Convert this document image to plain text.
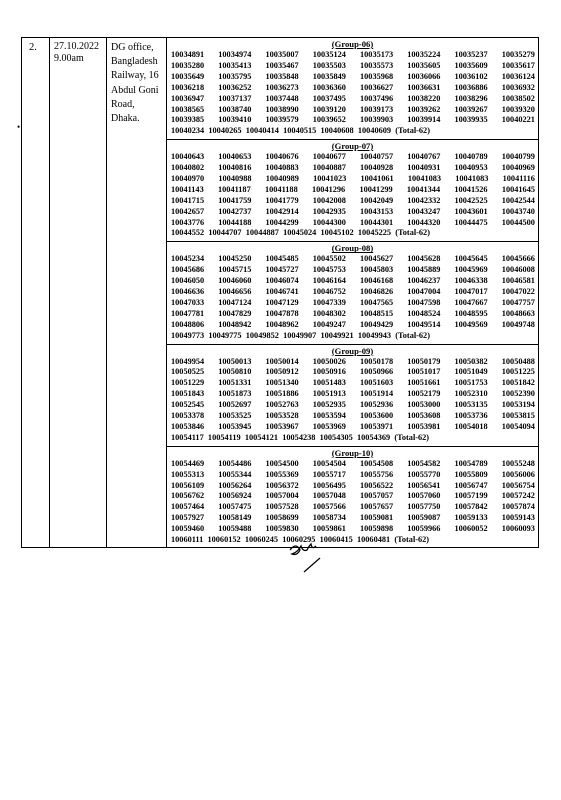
2. 27.10.2022
9.00am
DG office,
Bangladesh
Railway, 16
Abdul Goni
Road,
Dhaka.
(Group-06)
10034891 10034974 10035007 10035124 10035173 10035224 10035237 10035279
10035280 10035413 10035467 10035503 10035573 10035605 10035609 10035617
10035649 10035795 10035848 10035849 10035968 10036066 10036102 10036124
10036218 10036252 10036273 10036360 10036627 10036631 10036886 10036932
10036947 10037137 10037448 10037495 10037496 10038220 10038296 10038502
10038565 10038740 10038990 10039120 10039173 10039262 10039267 10039320
10039385 10039410 10039579 10039652 10039903 10039914 10039935 10040221
10040234 10040265 10040414 10040515 10040608 10040609 (Total-62)
(Group-07)
10040643 10040653 10040676 10040677 10040757 10040767 10040789 10040799
10040802 10040816 10040883 10040887 10040928 10040931 10040953 10040969
10040970 10040988 10040989 10041023 10041061 10041083 10041083 10041116
10041143 10041187 10041188 10041296 10041299 10041344 10041526 10041645
10041715 10041759 10041779 10042008 10042049 10042332 10042525 10042544
10042657 10042737 10042914 10042935 10043153 10043247 10043601 10043740
10043776 10044188 10044299 10044300 10044301 10044320 10044475 10044500
10044552 10044707 10044887 10045024 10045102 10045225 (Total-62)
(Group-08)
10045234 10045250 10045485 10045502 10045627 10045628 10045645 10045666
10045686 10045715 10045727 10045753 10045803 10045889 10045969 10046008
10046050 10046060 10046074 10046164 10046168 10046237 10046338 10046581
10046636 10046656 10046741 10046752 10046826 10047004 10047017 10047022
10047033 10047124 10047129 10047339 10047565 10047598 10047667 10047757
10047781 10047829 10047878 10048302 10048515 10048524 10048595 10048663
10048806 10048942 10048962 10049247 10049429 10049514 10049569 10049748
10049773 10049775 10049852 10049907 10049921 10049943 (Total-62)
(Group-09)
10049954 10050013 10050014 10050026 10050178 10050179 10050382 10050488
10050525 10050810 10050912 10050916 10050966 10051017 10051049 10051225
10051229 10051331 10051340 10051483 10051603 10051661 10051753 10051842
10051843 10051873 10051886 10051913 10051914 10052179 10052310 10052390
10052545 10052697 10052763 10052935 10052936 10053000 10053135 10053194
10053378 10053525 10053528 10053594 10053600 10053608 10053736 10053815
10053846 10053945 10053967 10053969 10053971 10053981 10054018 10054094
10054117 10054119 10054121 10054238 10054305 10054369 (Total-62)
(Group-10)
10054469 10054486 10054500 10054504 10054508 10054582 10054789 10055248
10055313 10055344 10055369 10055717 10055756 10055770 10055809 10056006
10056109 10056264 10056372 10056495 10056522 10056541 10056747 10056754
10056762 10056924 10057004 10057048 10057057 10057060 10057199 10057242
10057464 10057475 10057528 10057566 10057657 10057750 10057842 10057874
10057927 10058149 10058699 10058734 10059081 10059087 10059133 10059143
10059460 10059488 10059830 10059861 10059898 10059966 10060052 10060093
10060111 10060152 10060245 10060295 10060415 10060481 (Total-62)
•
